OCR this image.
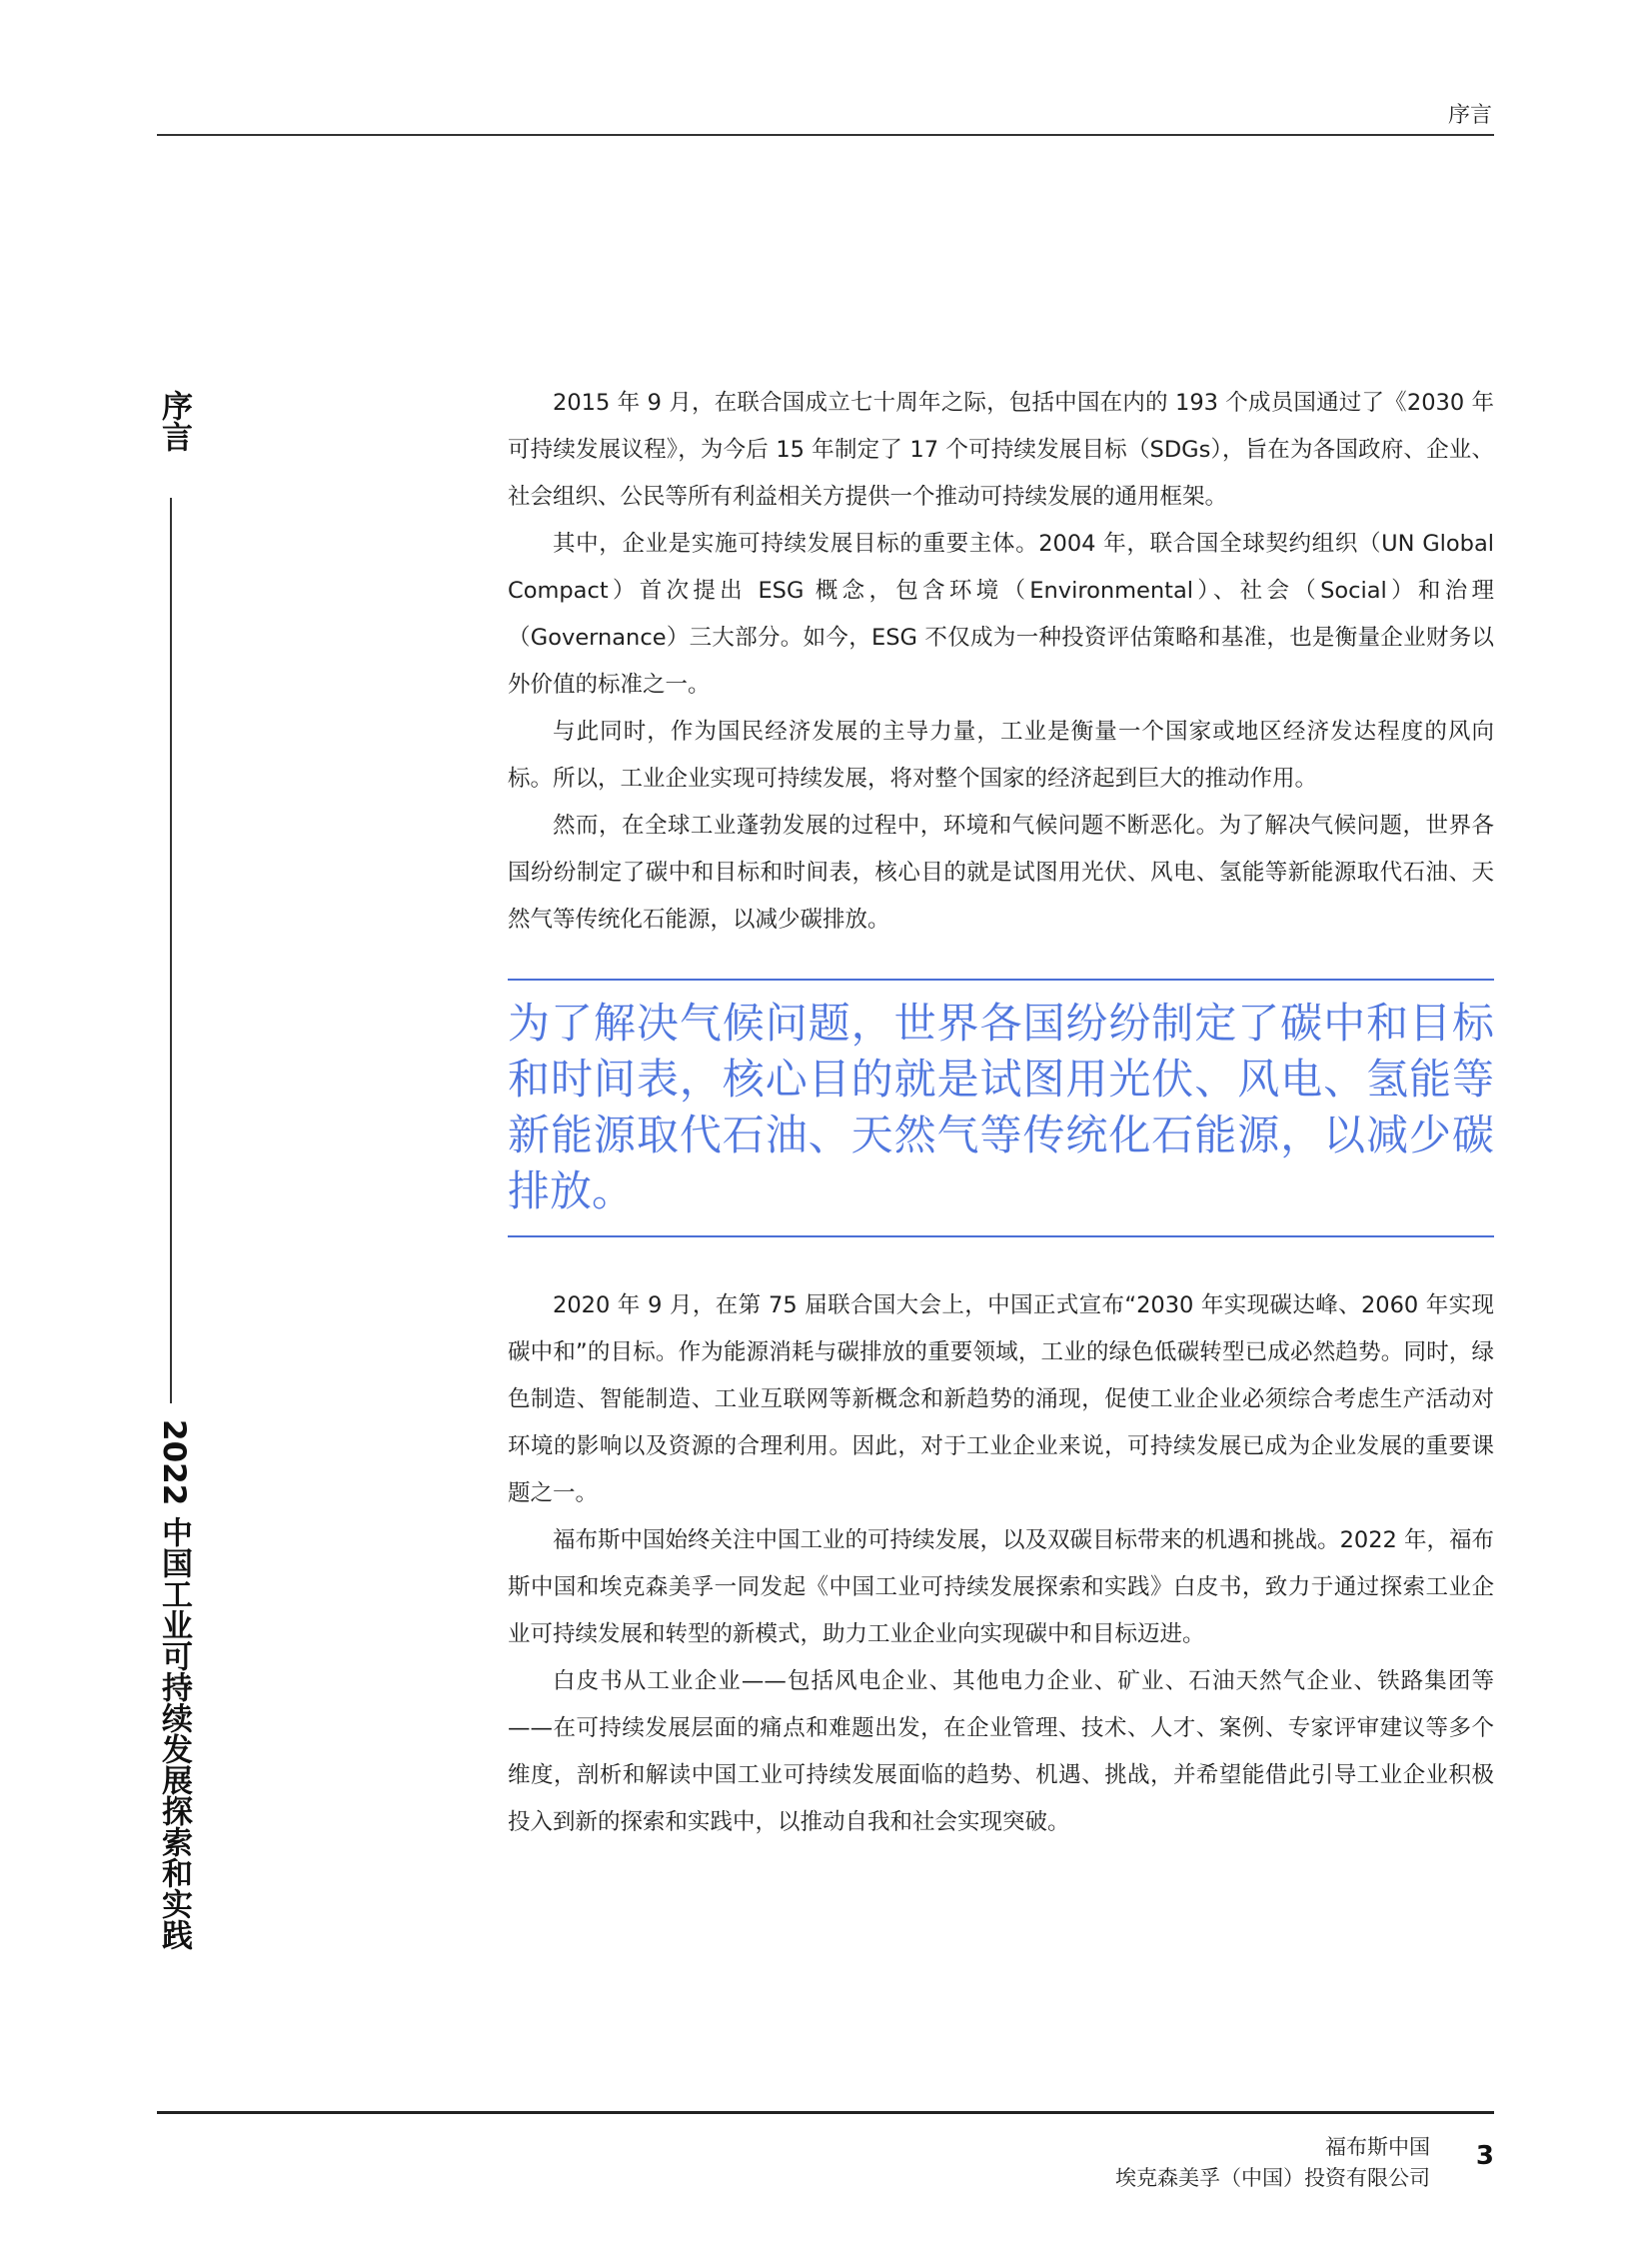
序言
序言
2022 中国工业可持续发展探索和实践

2015 年 9 月，在联合国成立七十周年之际，包括中国在内的 193 个成员国通过了《2030 年可持续发展议程》，为今后 15 年制定了 17 个可持续发展目标（SDGs），旨在为各国政府、企业、社会组织、公民等所有利益相关方提供一个推动可持续发展的通用框架。

其中，企业是实施可持续发展目标的重要主体。2004 年，联合国全球契约组织（UN Global Compact）首次提出 ESG 概念，包含环境（Environmental）、社会（Social）和治理（Governance）三大部分。如今，ESG 不仅成为一种投资评估策略和基准，也是衡量企业财务以外价值的标准之一。

与此同时，作为国民经济发展的主导力量，工业是衡量一个国家或地区经济发达程度的风向标。所以，工业企业实现可持续发展，将对整个国家的经济起到巨大的推动作用。

然而，在全球工业蓬勃发展的过程中，环境和气候问题不断恶化。为了解决气候问题，世界各国纷纷制定了碳中和目标和时间表，核心目的就是试图用光伏、风电、氢能等新能源取代石油、天然气等传统化石能源，以减少碳排放。

为了解决气候问题，世界各国纷纷制定了碳中和目标和时间表，核心目的就是试图用光伏、风电、氢能等新能源取代石油、天然气等传统化石能源，以减少碳排放。

2020 年 9 月，在第 75 届联合国大会上，中国正式宣布“2030 年实现碳达峰、2060 年实现碳中和”的目标。作为能源消耗与碳排放的重要领域，工业的绿色低碳转型已成必然趋势。同时，绿色制造、智能制造、工业互联网等新概念和新趋势的涌现，促使工业企业必须综合考虑生产活动对环境的影响以及资源的合理利用。因此，对于工业企业来说，可持续发展已成为企业发展的重要课题之一。

福布斯中国始终关注中国工业的可持续发展，以及双碳目标带来的机遇和挑战。2022 年，福布斯中国和埃克森美孚一同发起《中国工业可持续发展探索和实践》白皮书，致力于通过探索工业企业可持续发展和转型的新模式，助力工业企业向实现碳中和目标迈进。

白皮书从工业企业——包括风电企业、其他电力企业、矿业、石油天然气企业、铁路集团等——在可持续发展层面的痛点和难题出发，在企业管理、技术、人才、案例、专家评审建议等多个维度，剖析和解读中国工业可持续发展面临的趋势、机遇、挑战，并希望能借此引导工业企业积极投入到新的探索和实践中，以推动自我和社会实现突破。

福布斯中国
埃克森美孚（中国）投资有限公司
3
